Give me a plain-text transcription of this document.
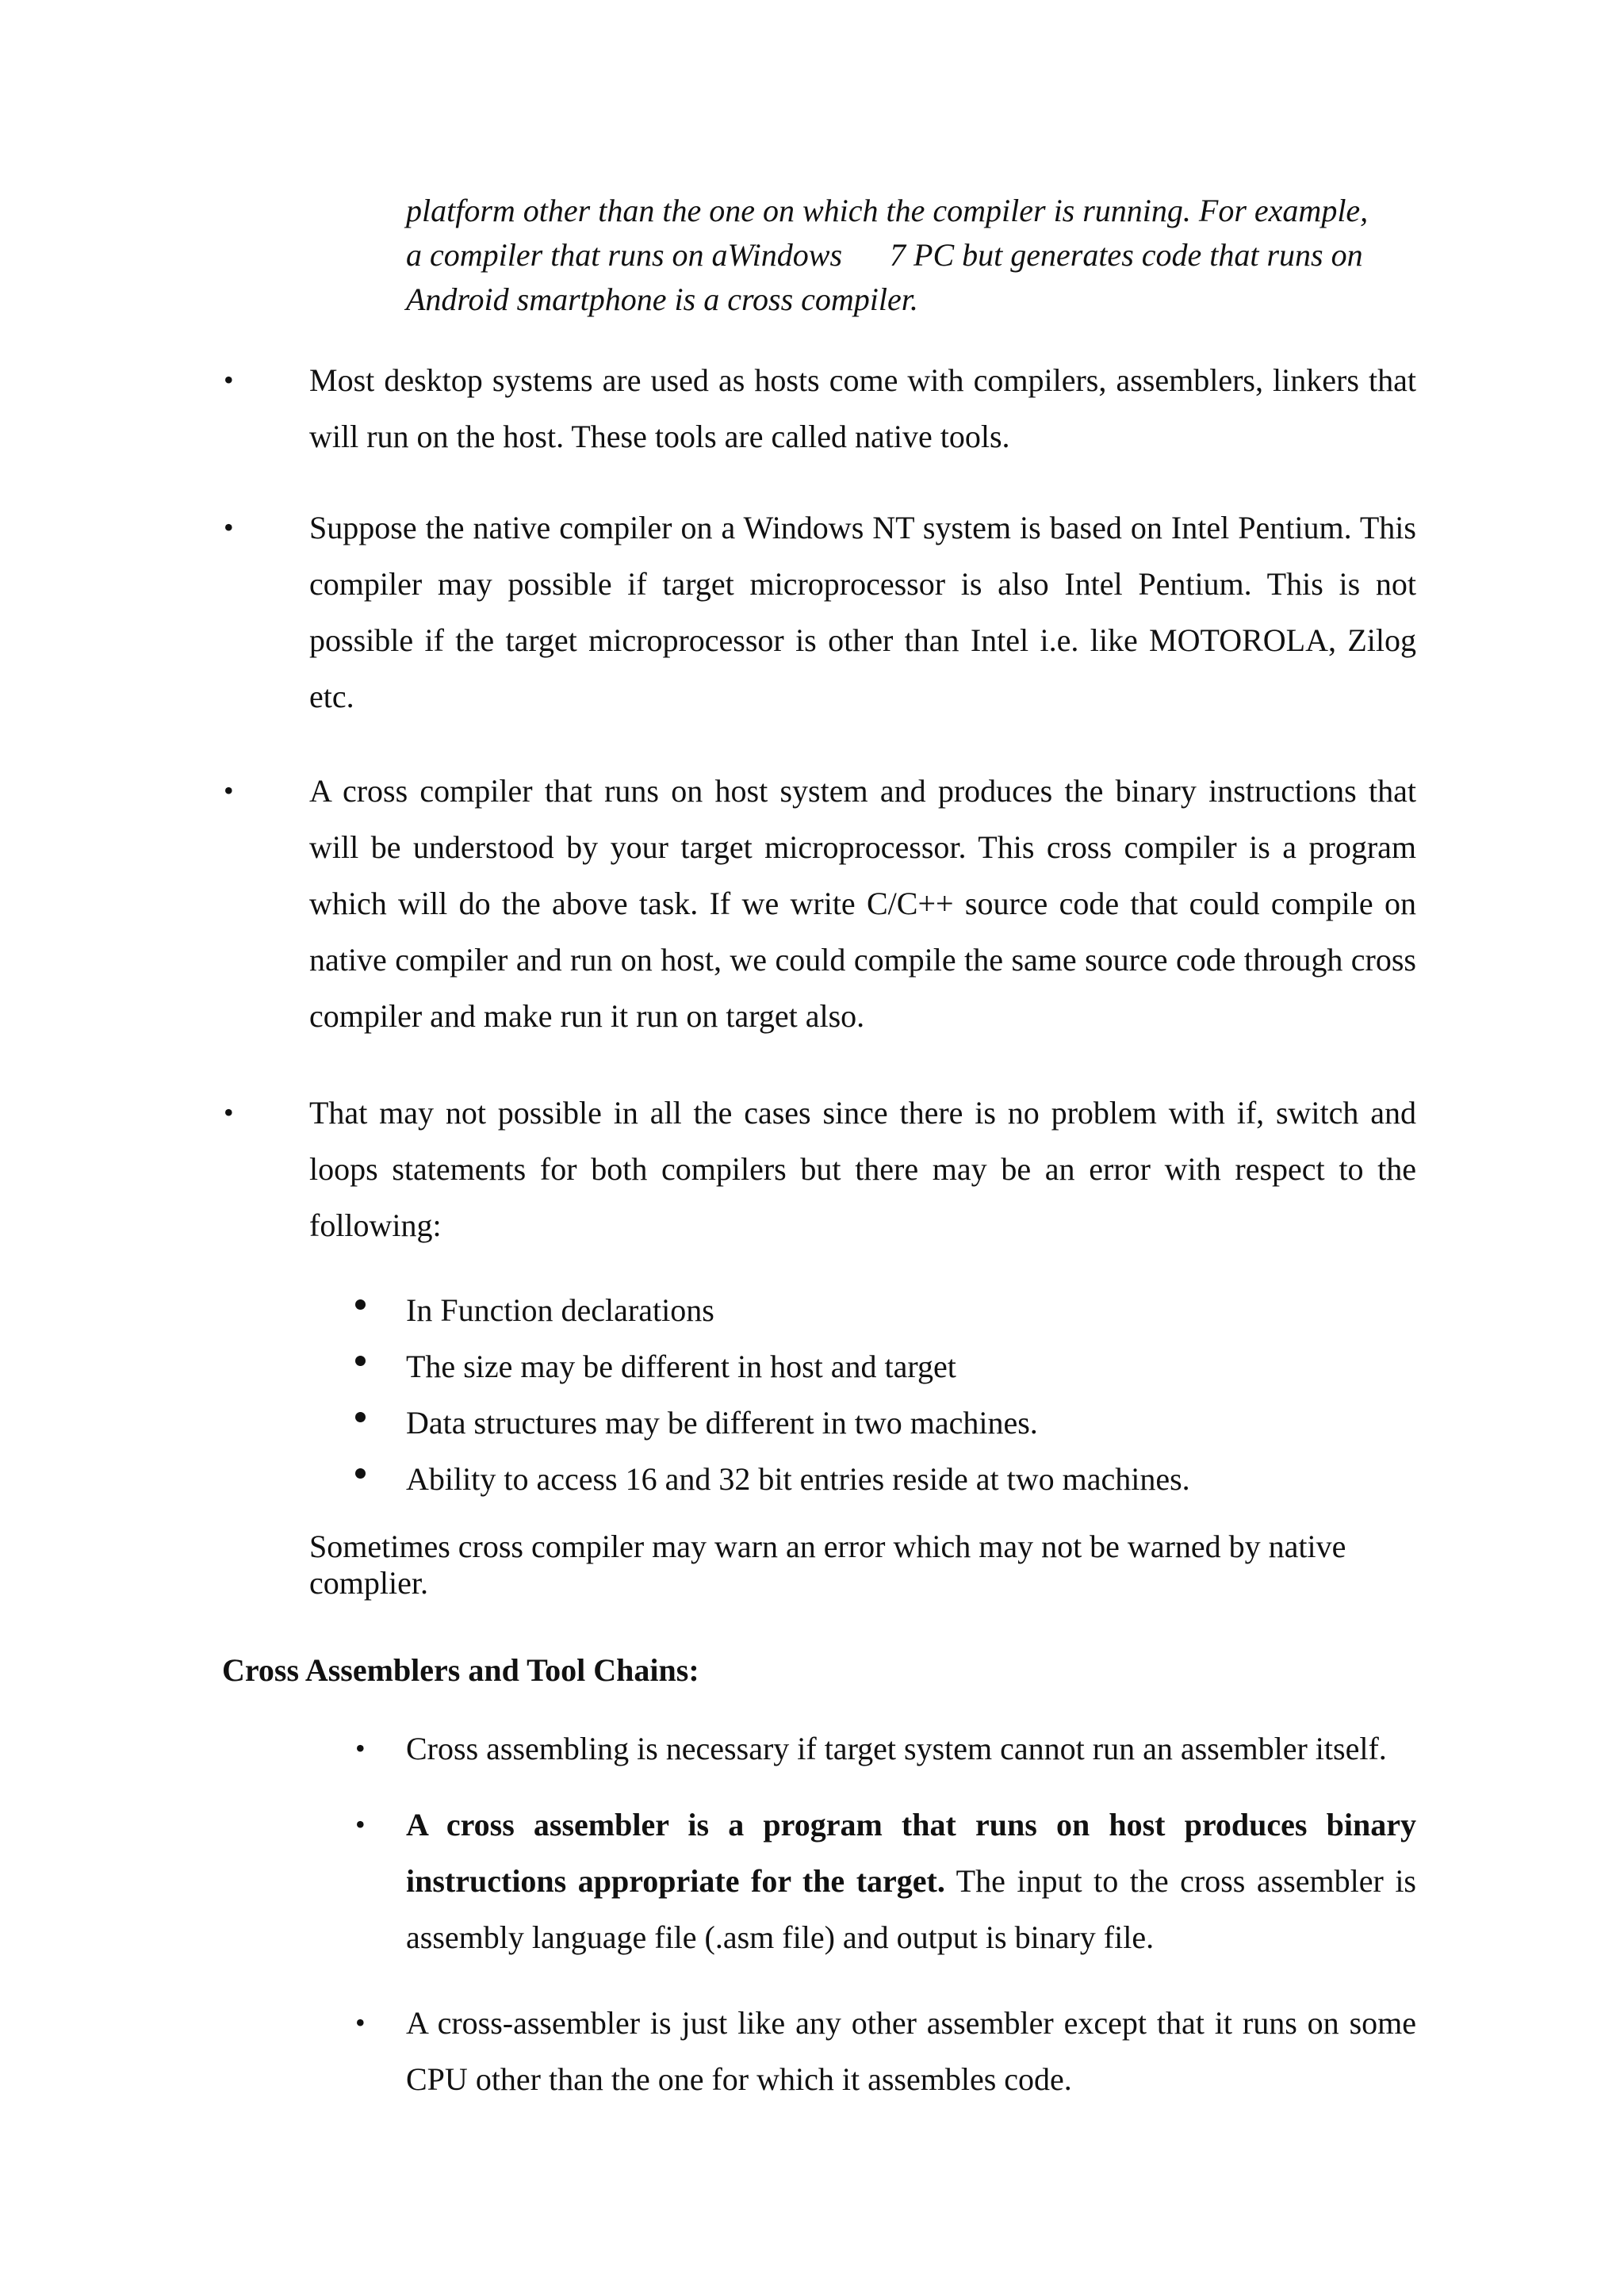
platform other than the one on which the compiler is running. For example,
a compiler that runs on aWindows      7 PC but generates code that runs on
Android smartphone is a cross compiler.
• Most desktop systems are used as hosts come with compilers, assemblers, linkers that will run on the host. These tools are called native tools.
• Suppose the native compiler on a Windows NT system is based on Intel Pentium. This compiler may possible if target microprocessor is also Intel Pentium. This is not possible if the target microprocessor is other than Intel i.e. like MOTOROLA, Zilog etc.
• A cross compiler that runs on host system and produces the binary instructions that will be understood by your target microprocessor. This cross compiler is a program which will do the above task. If we write C/C++ source code that could compile on native compiler and run on host, we could compile the same source code through cross compiler and make run it run on target also.
• That may not possible in all the cases since there is no problem with if, switch and loops statements for both compilers but there may be an error with respect to the following:
In Function declarations
The size may be different in host and target
Data structures may be different in two machines.
Ability to access 16 and 32 bit entries reside at two machines.
Sometimes cross compiler may warn an error which may not be warned by native complier.
Cross Assemblers and Tool Chains:
• Cross assembling is necessary if target system cannot run an assembler itself.
• A cross assembler is a program that runs on host produces binary instructions appropriate for the target. The input to the cross assembler is assembly language file (.asm file) and output is binary file.
• A cross-assembler is just like any other assembler except that it runs on some CPU other than the one for which it assembles code.
